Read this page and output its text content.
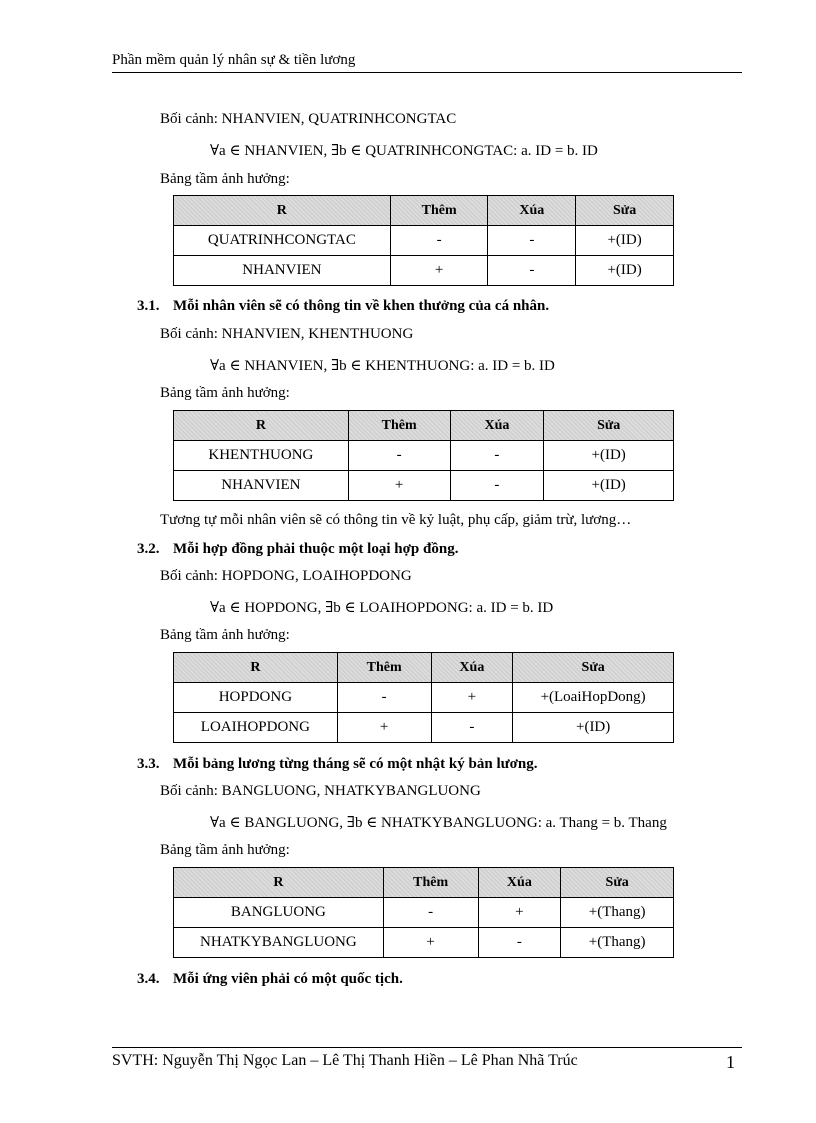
Phần mềm quản lý nhân sự & tiền lương
Bối cảnh: NHANVIEN, QUATRINHCONGTAC
∀a ∈ NHANVIEN, ∃b ∈ QUATRINHCONGTAC: a. ID = b. ID
Bảng tầm ảnh hưởng:
R	Thêm	Xúa	Sửa
QUATRINHCONGTAC	-	-	+(ID)
NHANVIEN	+	-	+(ID)
3.1. Mỗi nhân viên sẽ có thông tin về khen thưởng của cá nhân.
Bối cảnh: NHANVIEN, KHENTHUONG
∀a ∈ NHANVIEN, ∃b ∈ KHENTHUONG: a. ID = b. ID
Bảng tầm ảnh hưởng:
R	Thêm	Xúa	Sửa
KHENTHUONG	-	-	+(ID)
NHANVIEN	+	-	+(ID)
Tương tự mỗi nhân viên sẽ có thông tin về kỷ luật, phụ cấp, giảm trừ, lương…
3.2. Mỗi hợp đồng phải thuộc một loại hợp đồng.
Bối cảnh: HOPDONG, LOAIHOPDONG
∀a ∈ HOPDONG, ∃b ∈ LOAIHOPDONG: a. ID = b. ID
Bảng tầm ảnh hưởng:
R	Thêm	Xúa	Sửa
HOPDONG	-	+	+(LoaiHopDong)
LOAIHOPDONG	+	-	+(ID)
3.3. Mỗi bảng lương từng tháng sẽ có một nhật ký bản lương.
Bối cảnh: BANGLUONG, NHATKYBANGLUONG
∀a ∈ BANGLUONG, ∃b ∈ NHATKYBANGLUONG: a. Thang = b. Thang
Bảng tầm ảnh hưởng:
R	Thêm	Xúa	Sửa
BANGLUONG	-	+	+(Thang)
NHATKYBANGLUONG	+	-	+(Thang)
3.4. Mỗi ứng viên phải có một quốc tịch.
SVTH: Nguyễn Thị Ngọc Lan – Lê Thị Thanh Hiền – Lê Phan Nhã Trúc	1
